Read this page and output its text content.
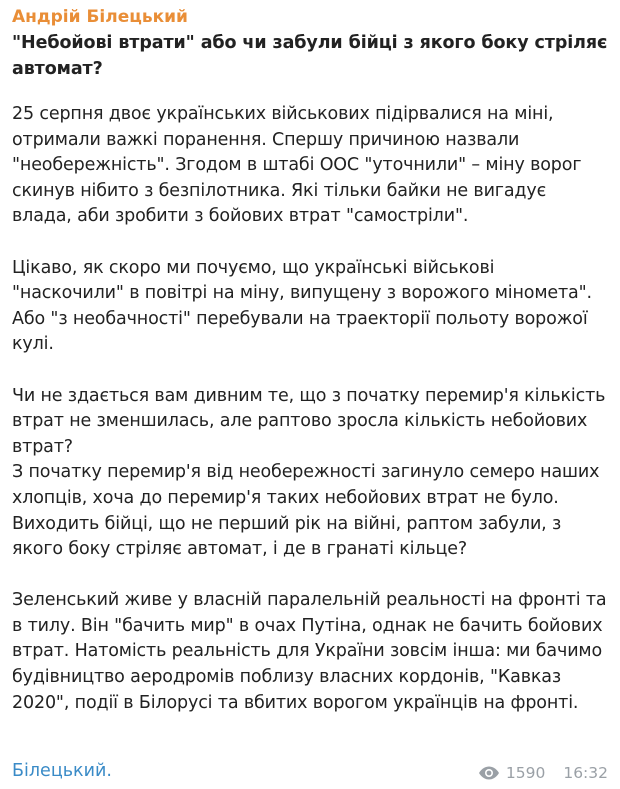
Андрій Білецький
"Небойові втрати" або чи забули бійці з якого боку стріляє автомат?

25 серпня двоє українських військових підірвалися на міні, отримали важкі поранення. Спершу причиною назвали "необережність". Згодом в штабі ООС "уточнили" – міну ворог скинув нібито з безпілотника. Які тільки байки не вигадує влада, аби зробити з бойових втрат "самостріли".

Цікаво, як скоро ми почуємо, що українські військові "наскочили" в повітрі на міну, випущену з ворожого міномета". Або "з необачності" перебували на траекторії польоту ворожої кулі.

Чи не здається вам дивним те, що з початку перемир'я кількість втрат не зменшилась, але раптово зросла кількість небойових втрат?

З початку перемир'я від необережності загинуло семеро наших хлопців, хоча до перемир'я таких небойових втрат не було. Виходить бійці, що не перший рік на війні, раптом забули, з якого боку стріляє автомат, і де в гранаті кільце?

Зеленський живе у власній паралельній реальності на фронті та в тилу. Він "бачить мир" в очах Путіна, однак не бачить бойових втрат. Натомість реальність для України зовсім інша: ми бачимо будівництво аеродромів поблизу власних кордонів, "Кавказ 2020", події в Білорусі та вбитих ворогом українців на фронті.

Білецький.	1590 16:32
